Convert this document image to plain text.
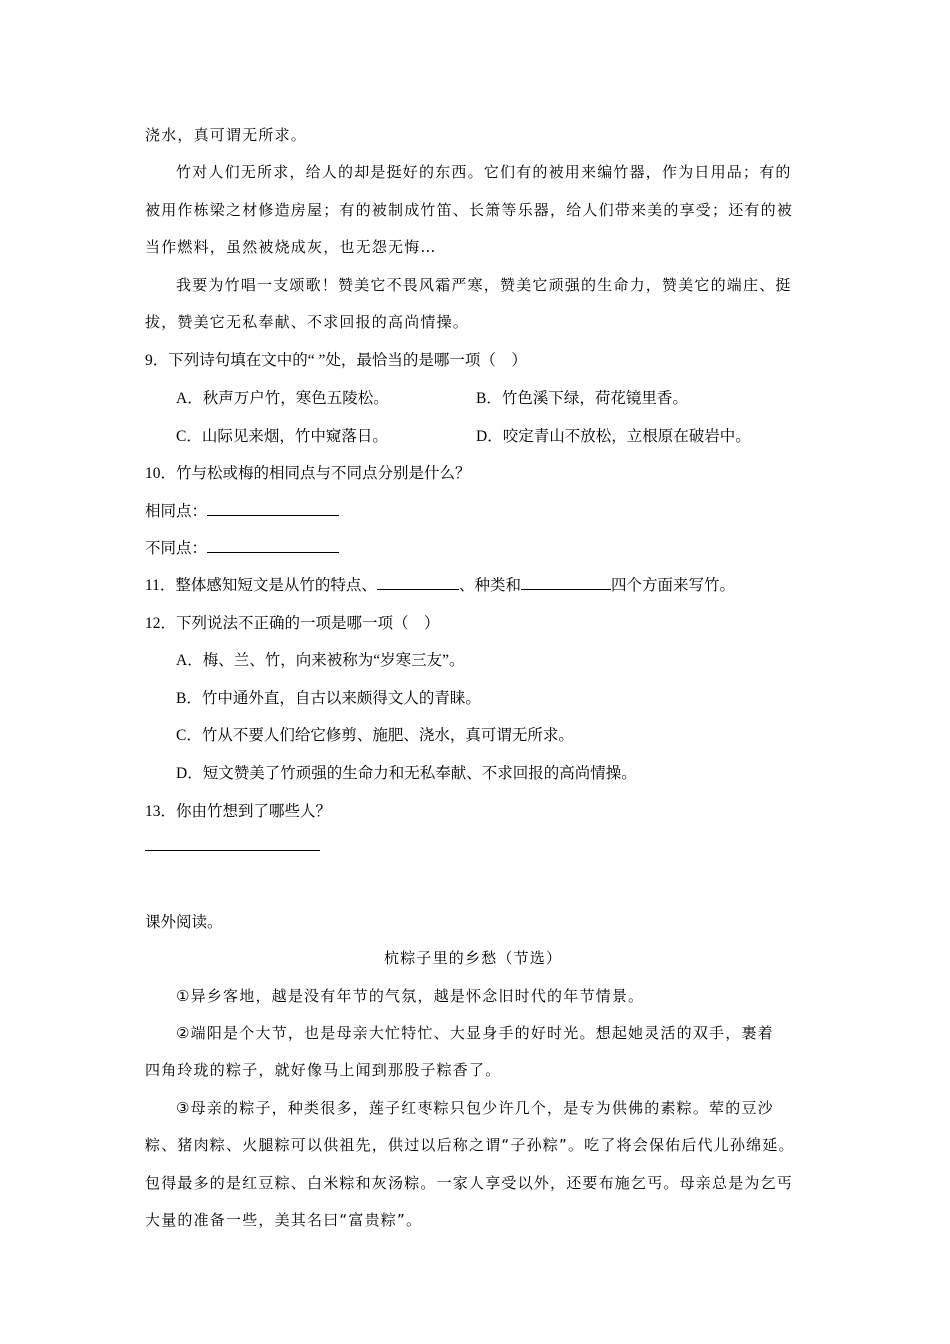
浇水，真可谓无所求。

竹对人们无所求，给人的却是挺好的东西。它们有的被用来编竹器，作为日用品；有的

被用作栋梁之材修造房屋；有的被制成竹笛、长箫等乐器，给人们带来美的享受；还有的被

当作燃料，虽然被烧成灰，也无怨无悔…

我要为竹唱一支颂歌！赞美它不畏风霜严寒，赞美它顽强的生命力，赞美它的端庄、挺

拔，赞美它无私奉献、不求回报的高尚情操。

9．下列诗句填在文中的“ ”处，最恰当的是哪一项（　）

A．秋声万户竹，寒色五陵松。	B．竹色溪下绿，荷花镜里香。

C．山际见来烟，竹中窥落日。	D．咬定青山不放松，立根原在破岩中。

10．竹与松或梅的相同点与不同点分别是什么？

相同点：

不同点：

11．整体感知短文是从竹的特点、	、种类和	四个方面来写竹。

12．下列说法不正确的一项是哪一项（　）

A．梅、兰、竹，向来被称为“岁寒三友”。

B．竹中通外直，自古以来颇得文人的青睐。

C．竹从不要人们给它修剪、施肥、浇水，真可谓无所求。

D．短文赞美了竹顽强的生命力和无私奉献、不求回报的高尚情操。

13．你由竹想到了哪些人？

课外阅读。

杭粽子里的乡愁（节选）

①异乡客地，越是没有年节的气氛，越是怀念旧时代的年节情景。

②端阳是个大节，也是母亲大忙特忙、大显身手的好时光。想起她灵活的双手，裹着

四角玲珑的粽子，就好像马上闻到那股子粽香了。

③母亲的粽子，种类很多，莲子红枣粽只包少许几个，是专为供佛的素粽。荤的豆沙

粽、猪肉粽、火腿粽可以供祖先，供过以后称之谓“子孙粽”。吃了将会保佑后代儿孙绵延。

包得最多的是红豆粽、白米粽和灰汤粽。一家人享受以外，还要布施乞丐。母亲总是为乞丐

大量的准备一些，美其名曰“富贵粽”。
